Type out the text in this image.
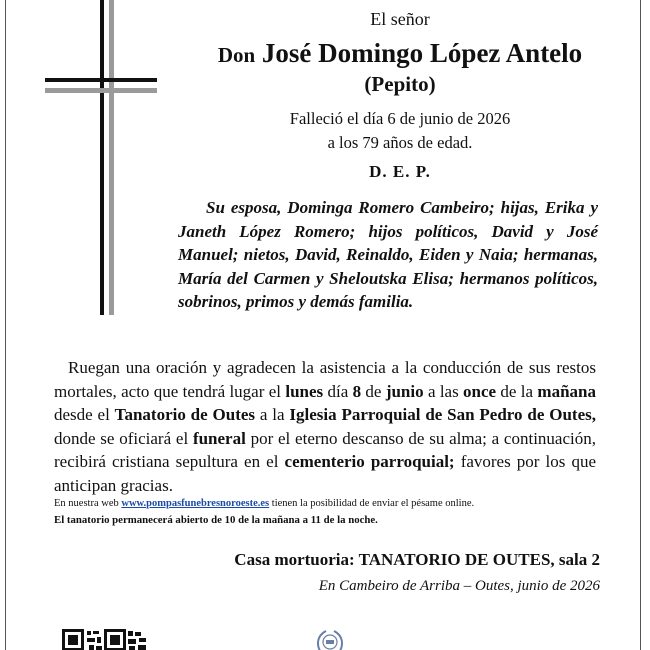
El señor
Don José Domingo López Antelo
(Pepito)
Falleció el día 6 de junio de 2026
a los 79 años de edad.
D. E. P.
Su esposa, Dominga Romero Cambeiro; hijas, Erika y Janeth López Romero; hijos políticos, David y José Manuel; nietos, David, Reinaldo, Eiden y Naia; hermanas, María del Carmen y Sheloutska Elisa; hermanos políticos, sobrinos, primos y demás familia.
Ruegan una oración y agradecen la asistencia a la conducción de sus restos mortales, acto que tendrá lugar el lunes día 8 de junio a las once de la mañana desde el Tanatorio de Outes a la Iglesia Parroquial de San Pedro de Outes, donde se oficiará el funeral por el eterno descanso de su alma; a continuación, recibirá cristiana sepultura en el cementerio parroquial; favores por los que anticipan gracias.
En nuestra web www.pompasfunebresnoroeste.es tienen la posibilidad de enviar el pésame online.
El tanatorio permanecerá abierto de 10 de la mañana a 11 de la noche.
Casa mortuoria: TANATORIO DE OUTES, sala 2
En Cambeiro de Arriba – Outes, junio de 2026
